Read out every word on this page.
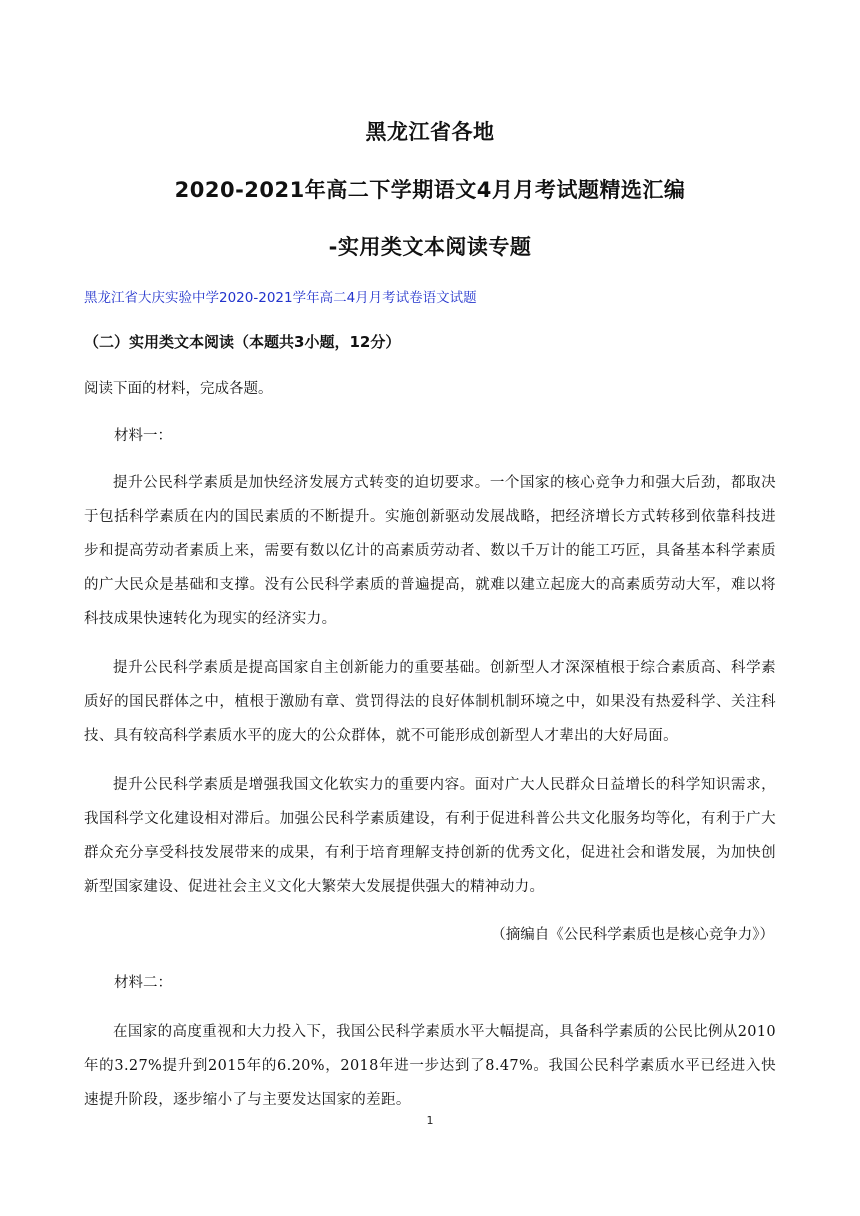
黑龙江省各地
2020-2021年高二下学期语文4月月考试题精选汇编
-实用类文本阅读专题
黑龙江省大庆实验中学2020-2021学年高二4月月考试卷语文试题
（二）实用类文本阅读（本题共3小题，12分）
阅读下面的材料，完成各题。
材料一：

提升公民科学素质是加快经济发展方式转变的迫切要求。一个国家的核心竞争力和强大后劲，都取决于包括科学素质在内的国民素质的不断提升。实施创新驱动发展战略，把经济增长方式转移到依靠科技进步和提高劳动者素质上来，需要有数以亿计的高素质劳动者、数以千万计的能工巧匠，具备基本科学素质的广大民众是基础和支撑。没有公民科学素质的普遍提高，就难以建立起庞大的高素质劳动大军，难以将科技成果快速转化为现实的经济实力。

提升公民科学素质是提高国家自主创新能力的重要基础。创新型人才深深植根于综合素质高、科学素质好的国民群体之中，植根于激励有章、赏罚得法的良好体制机制环境之中，如果没有热爱科学、关注科技、具有较高科学素质水平的庞大的公众群体，就不可能形成创新型人才辈出的大好局面。

提升公民科学素质是增强我国文化软实力的重要内容。面对广大人民群众日益增长的科学知识需求，我国科学文化建设相对滞后。加强公民科学素质建设，有利于促进科普公共文化服务均等化，有利于广大群众充分享受科技发展带来的成果，有利于培育理解支持创新的优秀文化，促进社会和谐发展，为加快创新型国家建设、促进社会主义文化大繁荣大发展提供强大的精神动力。

（摘编自《公民科学素质也是核心竞争力》）
材料二：

在国家的高度重视和大力投入下，我国公民科学素质水平大幅提高，具备科学素质的公民比例从2010年的3.27%提升到2015年的6.20%，2018年进一步达到了8.47%。我国公民科学素质水平已经进入快速提升阶段，逐步缩小了与主要发达国家的差距。

1
